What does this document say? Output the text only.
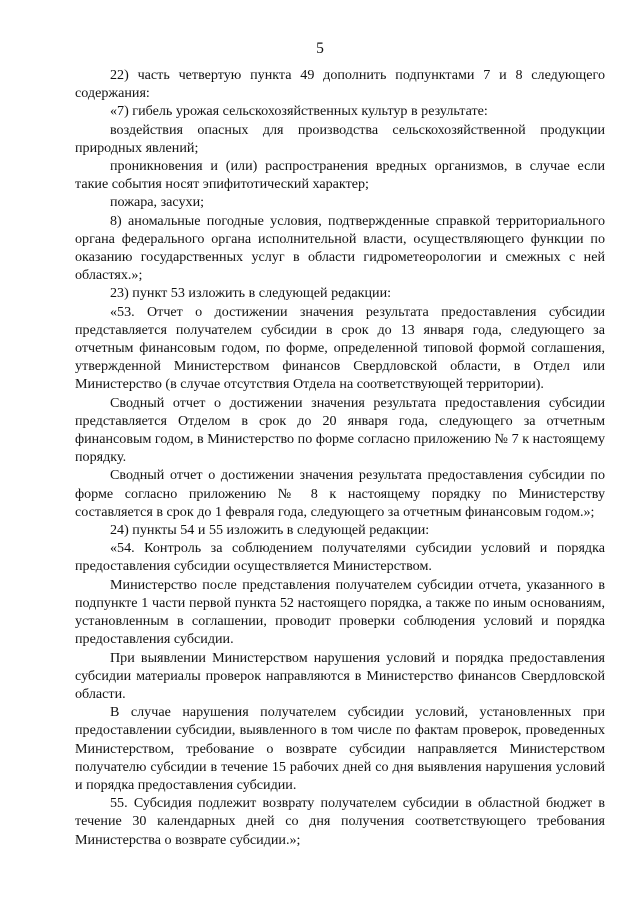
5

22) часть четвертую пункта 49 дополнить подпунктами 7 и 8 следующего содержания:

«7) гибель урожая сельскохозяйственных культур в результате:

воздействия опасных для производства сельскохозяйственной продукции природных явлений;

проникновения и (или) распространения вредных организмов, в случае если такие события носят эпифитотический характер;

пожара, засухи;

8) аномальные погодные условия, подтвержденные справкой территориального органа федерального органа исполнительной власти, осуществляющего функции по оказанию государственных услуг в области гидрометеорологии и смежных с ней областях.»;

23) пункт 53 изложить в следующей редакции:

«53. Отчет о достижении значения результата предоставления субсидии представляется получателем субсидии в срок до 13 января года, следующего за отчетным финансовым годом, по форме, определенной типовой формой соглашения, утвержденной Министерством финансов Свердловской области, в Отдел или Министерство (в случае отсутствия Отдела на соответствующей территории).

Сводный отчет о достижении значения результата предоставления субсидии представляется Отделом в срок до 20 января года, следующего за отчетным финансовым годом, в Министерство по форме согласно приложению № 7 к настоящему порядку.

Сводный отчет о достижении значения результата предоставления субсидии по форме согласно приложению № 8 к настоящему порядку по Министерству составляется в срок до 1 февраля года, следующего за отчетным финансовым годом.»;

24) пункты 54 и 55 изложить в следующей редакции:

«54. Контроль за соблюдением получателями субсидии условий и порядка предоставления субсидии осуществляется Министерством.

Министерство после представления получателем субсидии отчета, указанного в подпункте 1 части первой пункта 52 настоящего порядка, а также по иным основаниям, установленным в соглашении, проводит проверки соблюдения условий и порядка предоставления субсидии.

При выявлении Министерством нарушения условий и порядка предоставления субсидии материалы проверок направляются в Министерство финансов Свердловской области.

В случае нарушения получателем субсидии условий, установленных при предоставлении субсидии, выявленного в том числе по фактам проверок, проведенных Министерством, требование о возврате субсидии направляется Министерством получателю субсидии в течение 15 рабочих дней со дня выявления нарушения условий и порядка предоставления субсидии.

55. Субсидия подлежит возврату получателем субсидии в областной бюджет в течение 30 календарных дней со дня получения соответствующего требования Министерства о возврате субсидии.»;
